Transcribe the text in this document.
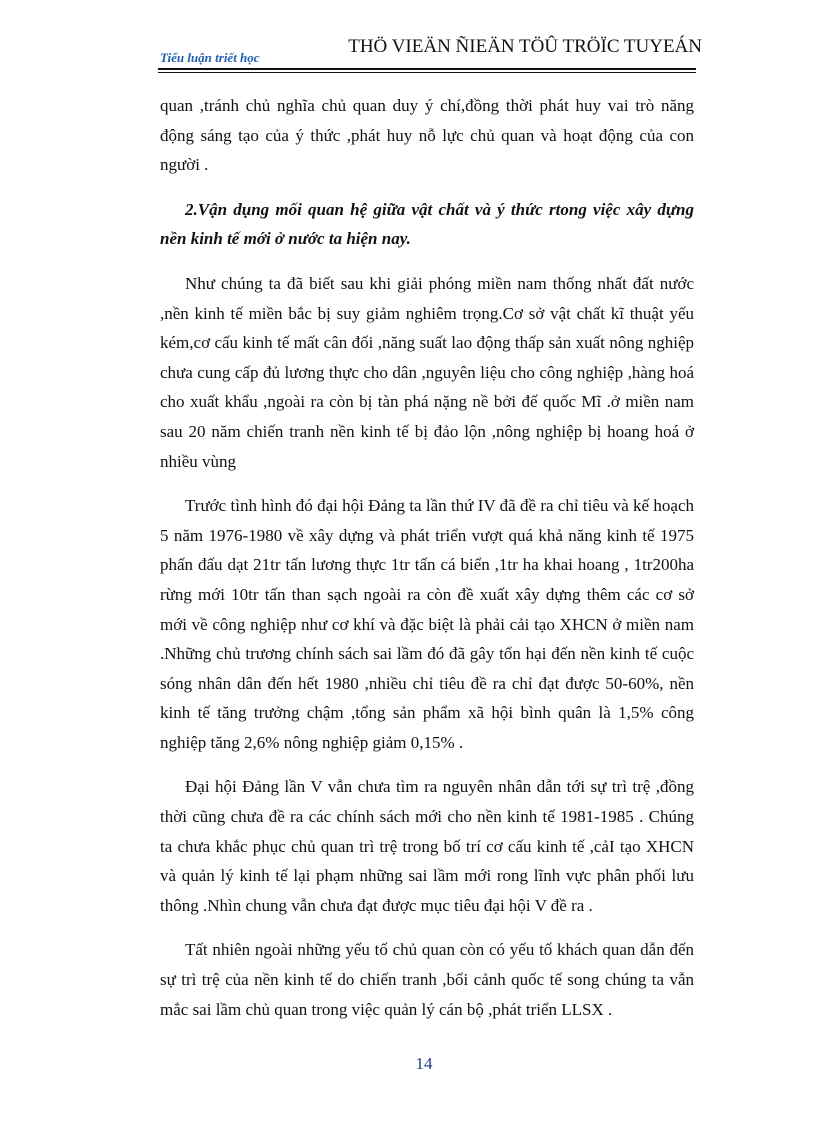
Tiểu luận triết học
THÖ VIEÄN ÑIEÄN TÖÛ TRÖÏC TUYEÁN

quan ,tránh chủ nghĩa chủ quan duy ý chí,đồng thời phát huy vai trò năng động sáng tạo của ý thức ,phát huy nỗ lực chủ quan và hoạt động của con người .

2.Vận dụng mối quan hệ giữa vật chất và ý thức rtong việc xây dựng nền kinh tế mới ở nước ta hiện nay.

Như chúng ta đã biết sau khi giải phóng miền nam thống nhất đất nước ,nền kinh tế miền bắc bị suy giảm nghiêm trọng.Cơ sở vật chất kĩ thuật yếu kém,cơ cấu kinh tế mất cân đối ,năng suất lao động thấp sản xuất nông nghiệp chưa cung cấp đủ lương thực cho dân ,nguyên liệu cho công nghiệp ,hàng hoá cho xuất khẩu ,ngoài ra còn bị tàn phá nặng nề bởi đế quốc Mĩ .ở miền nam sau 20 năm chiến tranh nền kinh tế bị đảo lộn ,nông nghiệp bị hoang hoá ở nhiều vùng

Trước tình hình đó đại hội Đảng ta lần thứ IV đã đề ra chỉ tiêu và kế hoạch 5 năm 1976-1980 về xây dựng và phát triển vượt quá khả năng kinh tế 1975 phấn đấu dạt 21tr tấn lương thực 1tr tấn cá biển ,1tr ha khai hoang , 1tr200ha rừng mới 10tr tấn than sạch ngoài ra còn đề xuất xây dựng thêm các cơ sở mới về công nghiệp như cơ khí và đặc biệt là phải cải tạo XHCN ở miền nam .Những chủ trương chính sách sai lầm đó đã gây tổn hại đến nền kinh tế cuộc sóng nhân dân đến hết 1980 ,nhiều chỉ tiêu đề ra chỉ đạt được 50-60%, nền kinh tế tăng trưởng chậm ,tổng sản phẩm xã hội bình quân là 1,5% công nghiệp tăng 2,6% nông nghiệp giảm 0,15% .

Đại hội Đảng lần V vẫn chưa tìm ra nguyên nhân dẫn tới sự trì trệ ,đồng thời cũng chưa đề ra các chính sách mới cho nền kinh tế 1981-1985 . Chúng ta chưa khắc phục chủ quan trì trệ trong bố trí cơ cấu kinh tế ,cảI tạo XHCN và quản lý kinh tế lại phạm những sai lầm mới rong lĩnh vực phân phối lưu thông .Nhìn chung vẫn chưa đạt được mục tiêu đại hội V đề ra .

Tất nhiên ngoài những yếu tố chủ quan còn có yếu tố khách quan dẫn đến sự trì trệ của nền kinh tế do chiến tranh ,bối cảnh quốc tế song chúng ta vẫn mắc sai lầm chủ quan trong việc quản lý cán bộ ,phát triển LLSX .

14
